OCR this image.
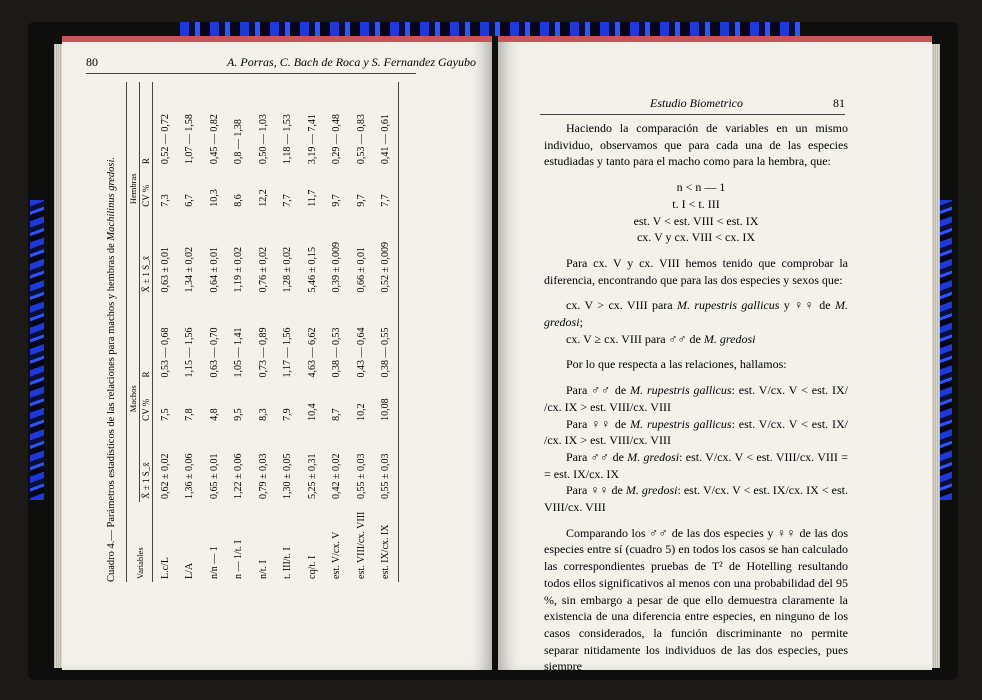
80	A. Porras, C. Bach de Roca y S. Fernandez Gayubo
Cuadro 4.— Parámetros estadísticos de las relaciones para machos y hembras de Machilinus gredosi.
Variables	Machos			Hembras		
	X̄ ± 1 S_x̄	CV %	R	X̄ ± 1 S_x̄	CV %	R
L.c/L	0,62 ± 0,02	7,5	0,53 — 0,68	0,63 ± 0,01	7,3	0,52 — 0,72
L/A	1,36 ± 0,06	7,8	1,15 — 1,56	1,34 ± 0,02	6,7	1,07 — 1,58
n/n — 1	0,65 ± 0,01	4,8	0,63 — 0,70	0,64 ± 0,01	10,3	0,45 — 0,82
n — 1/t. I	1,22 ± 0,06	9,5	1,05 — 1,41	1,19 ± 0,02	8,6	0,8 — 1,38
n/t. I	0,79 ± 0,03	8,3	0,73 — 0,89	0,76 ± 0,02	12,2	0,50 — 1,03
t. III/t. I	1,30 ± 0,05	7,9	1,17 — 1,56	1,28 ± 0,02	7,7	1,18 — 1,53
cq/t. I	5,25 ± 0,31	10,4	4,63 — 6,62	5,46 ± 0,15	11,7	3,19 — 7,41
est. V/cx. V	0,42 ± 0,02	8,7	0,38 — 0,53	0,39 ± 0,009	9,7	0,29 — 0,48
est. VIII/cx. VIII	0,55 ± 0,03	10,2	0,43 — 0,64	0,66 ± 0,01	9,7	0,53 — 0,83
est. IX/cx. IX	0,55 ± 0,03	10,08	0,38 — 0,55	0,52 ± 0,009	7,7	0,41 — 0,61
Estudio Biometrico	81

Haciendo la comparación de variables en un mismo individuo, observamos que para cada una de las especies estudiadas y tanto para el macho como para la hembra, que:

n < n — 1

t. I < t. III

est. V < est. VIII < est. IX

cx. V y cx. VIII < cx. IX

Para cx. V y cx. VIII hemos tenido que comprobar la diferencia, encontrando que para las dos especies y sexos que:

cx. V > cx. VIII para M. rupestris gallicus y ♀♀ de M. gredosi;

cx. V ≥ cx. VIII para ♂♂ de M. gredosi

Por lo que respecta a las relaciones, hallamos:

Para ♂♂ de M. rupestris gallicus: est. V/cx. V < est. IX/ /cx. IX > est. VIII/cx. VIII

Para ♀♀ de M. rupestris gallicus: est. V/cx. V < est. IX/ /cx. IX > est. VIII/cx. VIII

Para ♂♂ de M. gredosi: est. V/cx. V < est. VIII/cx. VIII = = est. IX/cx. IX

Para ♀♀ de M. gredosi: est. V/cx. V < est. IX/cx. IX < est. VIII/cx. VIII

Comparando los ♂♂ de las dos especies y ♀♀ de las dos especies entre sí (cuadro 5) en todos los casos se han calculado las correspondientes pruebas de T² de Hotelling resultando todos ellos significativos al menos con una probabilidad del 95 %, sin embargo a pesar de que ello demuestra claramente la existencia de una diferencia entre especies, en ninguno de los casos considerados, la función discriminante no permite separar nitidamente los individuos de las dos especies, pues siempre
